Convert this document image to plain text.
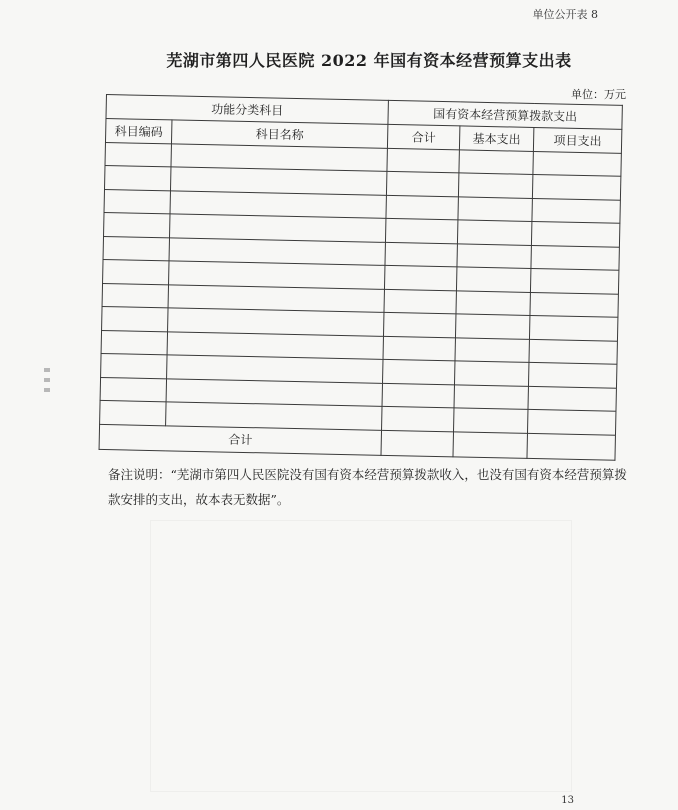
单位公开表 8
芜湖市第四人民医院 2022 年国有资本经营预算支出表
单位：万元
功能分类科目		国有资本经营预算拨款支出		
科目编码	科目名称	合计	基本支出	项目支出

合计				
备注说明：“芜湖市第四人民医院没有国有资本经营预算拨款收入，也没有国有资本经营预算拨款安排的支出，故本表无数据”。
13
